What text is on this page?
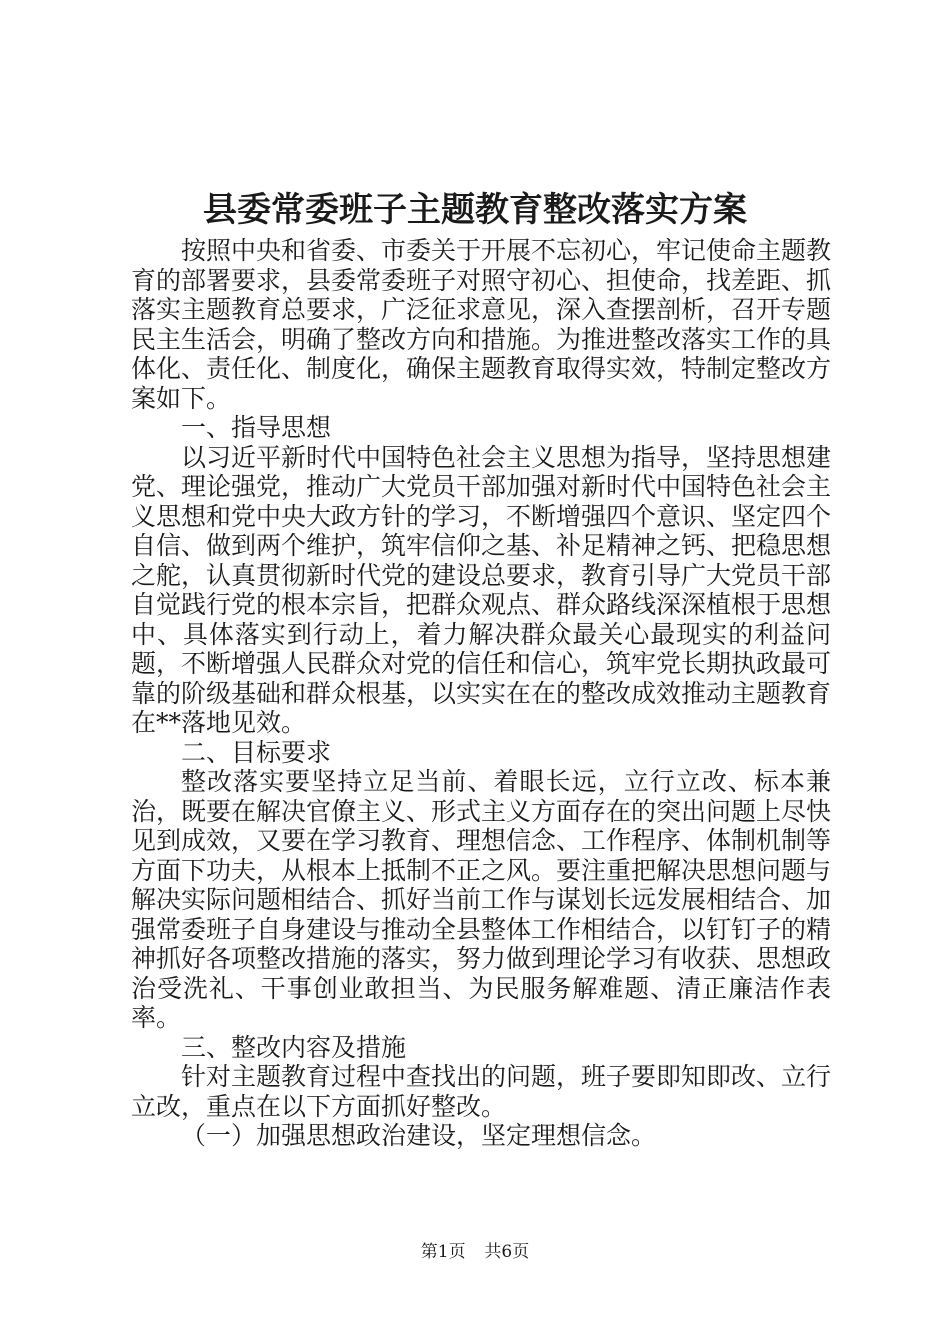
县委常委班子主题教育整改落实方案

按照中央和省委、市委关于开展不忘初心，牢记使命主题教育的部署要求，县委常委班子对照守初心、担使命，找差距、抓落实主题教育总要求，广泛征求意见，深入查摆剖析，召开专题民主生活会，明确了整改方向和措施。为推进整改落实工作的具体化、责任化、制度化，确保主题教育取得实效，特制定整改方案如下。

一、指导思想

以习近平新时代中国特色社会主义思想为指导，坚持思想建党、理论强党，推动广大党员干部加强对新时代中国特色社会主义思想和党中央大政方针的学习，不断增强四个意识、坚定四个自信、做到两个维护，筑牢信仰之基、补足精神之钙、把稳思想之舵，认真贯彻新时代党的建设总要求，教育引导广大党员干部自觉践行党的根本宗旨，把群众观点、群众路线深深植根于思想中、具体落实到行动上，着力解决群众最关心最现实的利益问题，不断增强人民群众对党的信任和信心，筑牢党长期执政最可靠的阶级基础和群众根基，以实实在在的整改成效推动主题教育在**落地见效。

二、目标要求

整改落实要坚持立足当前、着眼长远，立行立改、标本兼治，既要在解决官僚主义、形式主义方面存在的突出问题上尽快见到成效，又要在学习教育、理想信念、工作程序、体制机制等方面下功夫，从根本上抵制不正之风。要注重把解决思想问题与解决实际问题相结合、抓好当前工作与谋划长远发展相结合、加强常委班子自身建设与推动全县整体工作相结合，以钉钉子的精神抓好各项整改措施的落实，努力做到理论学习有收获、思想政治受洗礼、干事创业敢担当、为民服务解难题、清正廉洁作表率。

三、整改内容及措施

针对主题教育过程中查找出的问题，班子要即知即改、立行立改，重点在以下方面抓好整改。

（一）加强思想政治建设，坚定理想信念。

第1页  共6页
